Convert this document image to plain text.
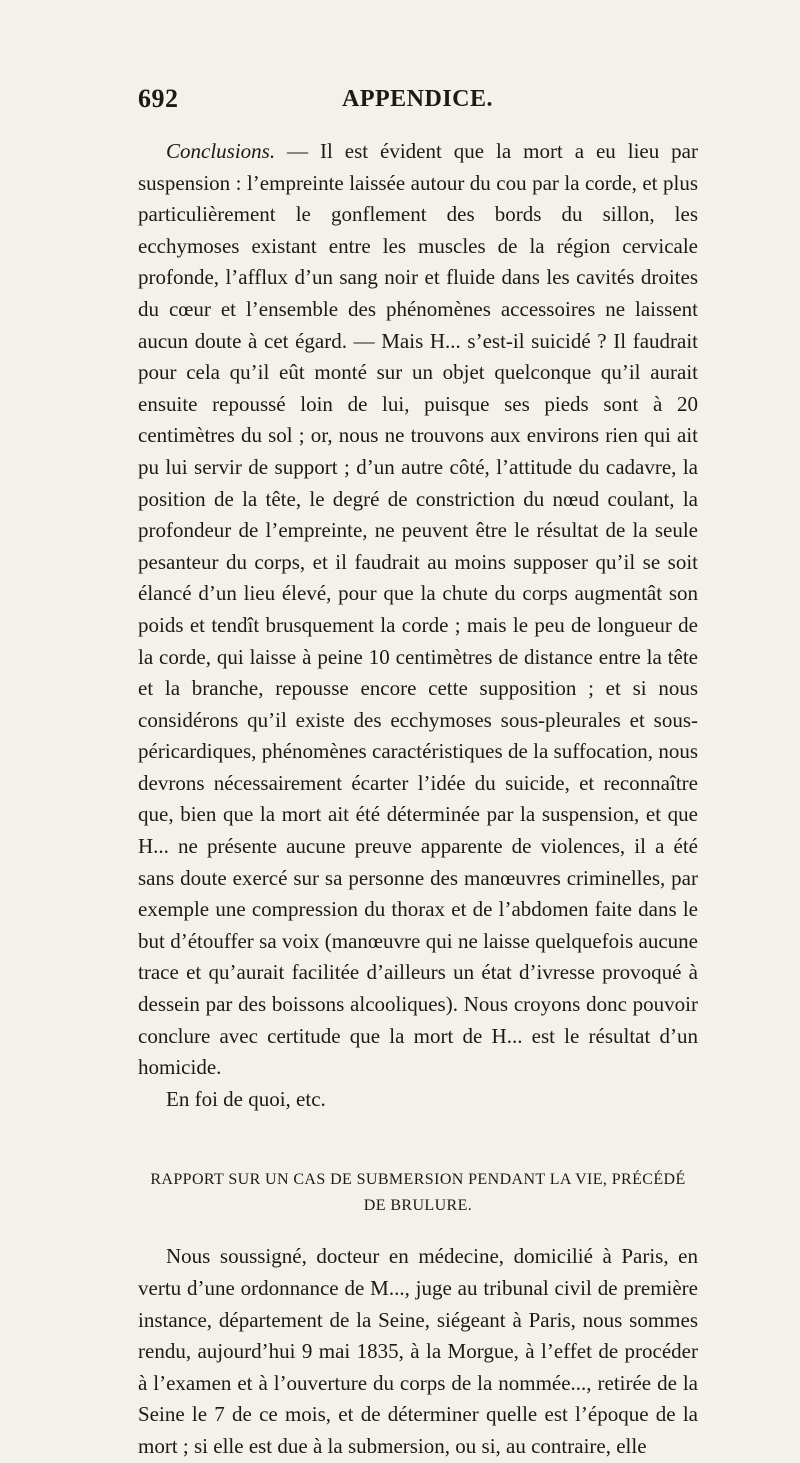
692	APPENDICE.

Conclusions. — Il est évident que la mort a eu lieu par suspension : l’empreinte laissée autour du cou par la corde, et plus particulièrement le gonflement des bords du sillon, les ecchymoses existant entre les muscles de la région cervicale profonde, l’afflux d’un sang noir et fluide dans les cavités droites du cœur et l’ensemble des phénomènes accessoires ne laissent aucun doute à cet égard. — Mais H... s’est-il suicidé ? Il faudrait pour cela qu’il eût monté sur un objet quelconque qu’il aurait ensuite repoussé loin de lui, puisque ses pieds sont à 20 centimètres du sol ; or, nous ne trouvons aux environs rien qui ait pu lui servir de support ; d’un autre côté, l’attitude du cadavre, la position de la tête, le degré de constriction du nœud coulant, la profondeur de l’empreinte, ne peuvent être le résultat de la seule pesanteur du corps, et il faudrait au moins supposer qu’il se soit élancé d’un lieu élevé, pour que la chute du corps augmentât son poids et tendît brusquement la corde ; mais le peu de longueur de la corde, qui laisse à peine 10 centimètres de distance entre la tête et la branche, repousse encore cette supposition ; et si nous considérons qu’il existe des ecchymoses sous-pleurales et sous-péricardiques, phénomènes caractéristiques de la suffocation, nous devrons nécessairement écarter l’idée du suicide, et reconnaître que, bien que la mort ait été déterminée par la suspension, et que H... ne présente aucune preuve apparente de violences, il a été sans doute exercé sur sa personne des manœuvres criminelles, par exemple une compression du thorax et de l’abdomen faite dans le but d’étouffer sa voix (manœuvre qui ne laisse quelquefois aucune trace et qu’aurait facilitée d’ailleurs un état d’ivresse provoqué à dessein par des boissons alcooliques). Nous croyons donc pouvoir conclure avec certitude que la mort de H... est le résultat d’un homicide.

En foi de quoi, etc.

RAPPORT SUR UN CAS DE SUBMERSION PENDANT LA VIE, PRÉCÉDÉ DE BRULURE.

Nous soussigné, docteur en médecine, domicilié à Paris, en vertu d’une ordonnance de M..., juge au tribunal civil de première instance, département de la Seine, siégeant à Paris, nous sommes rendu, aujourd’hui 9 mai 1835, à la Morgue, à l’effet de procéder à l’examen et à l’ouverture du corps de la nommée..., retirée de la Seine le 7 de ce mois, et de déterminer quelle est l’époque de la mort ; si elle est due à la submersion, ou si, au contraire, elle
